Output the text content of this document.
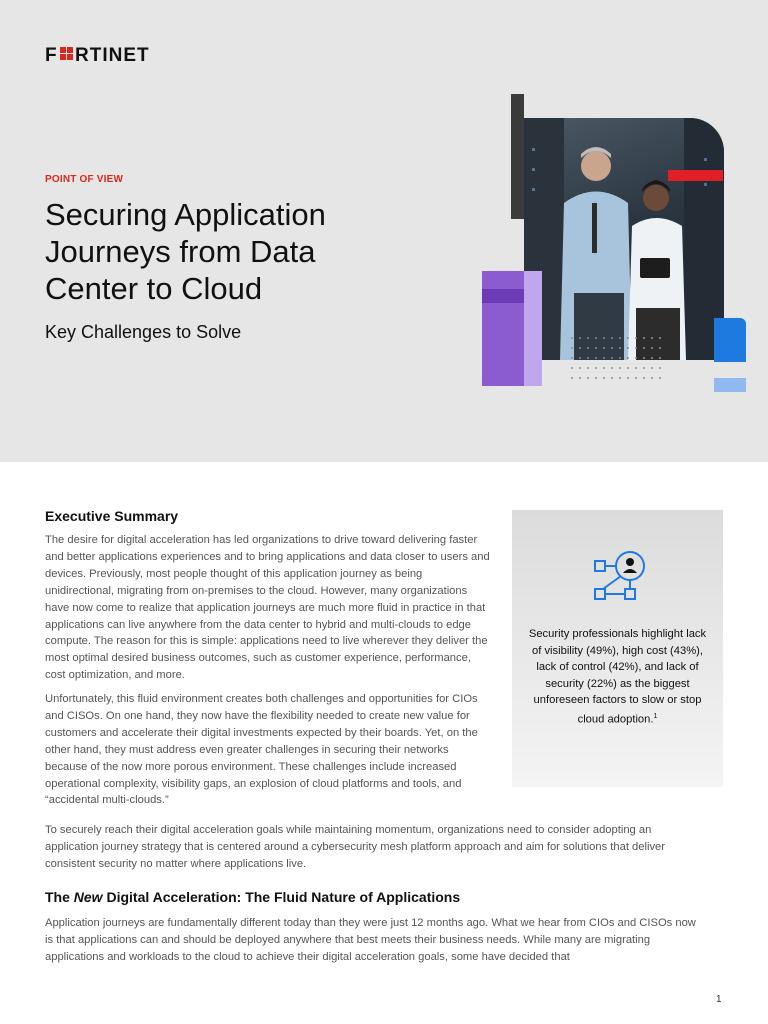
F RTINET
POINT OF VIEW
Securing Application Journeys from Data Center to Cloud
Key Challenges to Solve
Executive Summary

The desire for digital acceleration has led organizations to drive toward delivering faster and better applications experiences and to bring applications and data closer to users and devices. Previously, most people thought of this application journey as being unidirectional, migrating from on-premises to the cloud. However, many organizations have now come to realize that application journeys are much more fluid in practice in that applications can live anywhere from the data center to hybrid and multi-clouds to edge compute. The reason for this is simple: applications need to live wherever they deliver the most optimal desired business outcomes, such as customer experience, performance, cost optimization, and more.

Unfortunately, this fluid environment creates both challenges and opportunities for CIOs and CISOs. On one hand, they now have the flexibility needed to create new value for customers and accelerate their digital investments expected by their boards. Yet, on the other hand, they must address even greater challenges in securing their networks because of the now more porous environment. These challenges include increased operational complexity, visibility gaps, an explosion of cloud platforms and tools, and “accidental multi-clouds.”

To securely reach their digital acceleration goals while maintaining momentum, organizations need to consider adopting an application journey strategy that is centered around a cybersecurity mesh platform approach and aim for solutions that deliver consistent security no matter where applications live.

Security professionals highlight lack of visibility (49%), high cost (43%), lack of control (42%), and lack of security (22%) as the biggest unforeseen factors to slow or stop cloud adoption.$^1$

The New Digital Acceleration: The Fluid Nature of Applications

Application journeys are fundamentally different today than they were just 12 months ago. What we hear from CIOs and CISOs now is that applications can and should be deployed anywhere that best meets their business needs. While many are migrating applications and workloads to the cloud to achieve their digital acceleration goals, some have decided that

1
